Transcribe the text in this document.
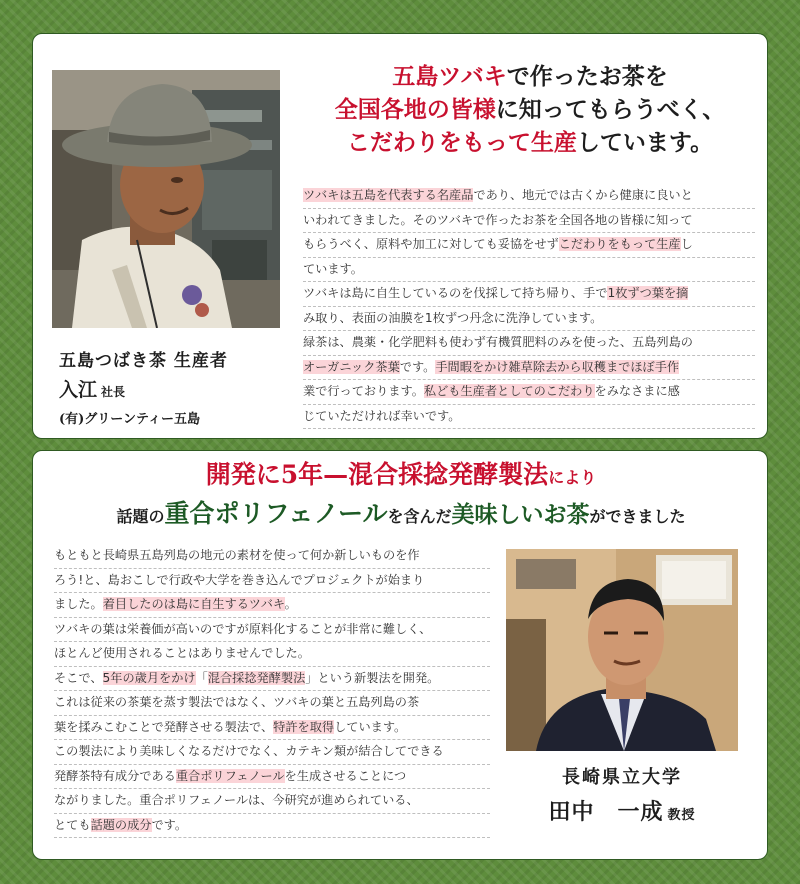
五島つばき茶 生産者
入江 社長
(有)グリーンティー五島
五島ツバキで作ったお茶を
全国各地の皆様に知ってもらうべく、
こだわりをもって生産しています。
ツバキは五島を代表する名産品であり、地元では古くから健康に良いと
いわれてきました。そのツバキで作ったお茶を全国各地の皆様に知って
もらうべく、原料や加工に対しても妥協をせずこだわりをもって生産し
ています。
ツバキは島に自生しているのを伐採して持ち帰り、手で1枚ずつ葉を摘
み取り、表面の油膜を1枚ずつ丹念に洗浄しています。
緑茶は、農薬・化学肥料も使わず有機質肥料のみを使った、五島列島の
オーガニック茶葉です。手間暇をかけ雑草除去から収穫までほぼ手作
業で行っております。私ども生産者としてのこだわりをみなさまに感
じていただければ幸いです。
開発に5年—混合採捻発酵製法により
話題の重合ポリフェノールを含んだ美味しいお茶ができました
もともと長崎県五島列島の地元の素材を使って何か新しいものを作
ろう!と、島おこしで行政や大学を巻き込んでプロジェクトが始まり
ました。着目したのは島に自生するツバキ。
ツバキの葉は栄養価が高いのですが原料化することが非常に難しく、
ほとんど使用されることはありませんでした。
そこで、5年の歳月をかけ「混合採捻発酵製法」という新製法を開発。
これは従来の茶葉を蒸す製法ではなく、ツバキの葉と五島列島の茶
葉を揉みこむことで発酵させる製法で、特許を取得しています。
この製法により美味しくなるだけでなく、カテキン類が結合してできる
発酵茶特有成分である重合ポリフェノールを生成させることにつ
ながりました。重合ポリフェノールは、今研究が進められている、
とても話題の成分です。
長崎県立大学
田中　一成 教授
